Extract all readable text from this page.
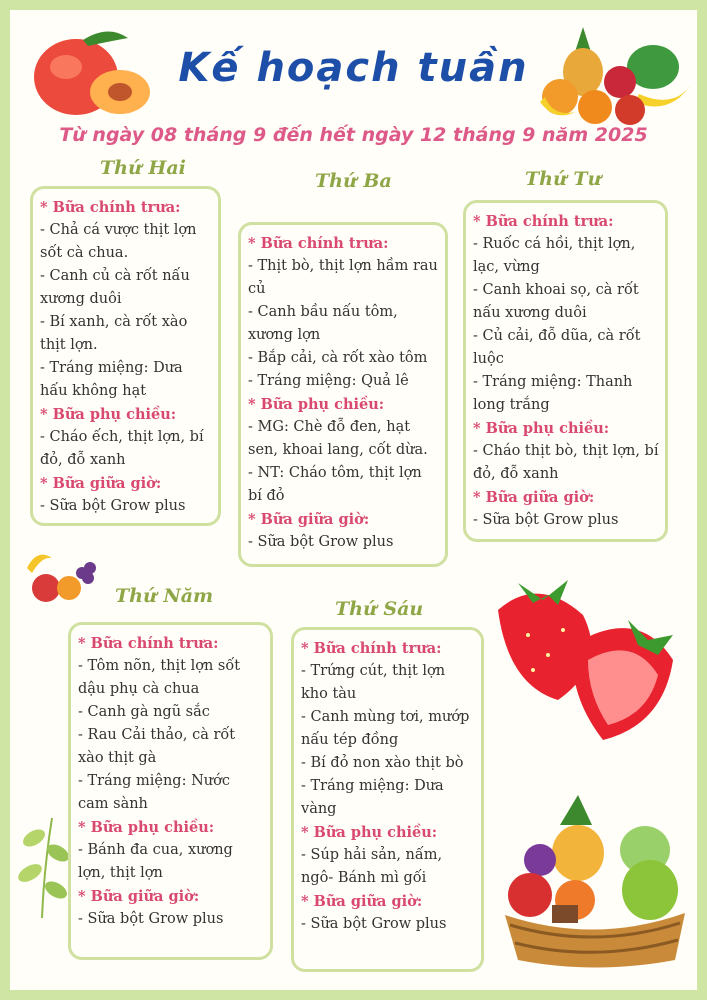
Kế hoạch tuần
Từ ngày 08 tháng 9 đến hết ngày 12 tháng 9 năm 2025
Thứ Hai
Thứ Ba	Thứ Tư
Thứ Năm
Thứ Sáu

* Bữa chính trưa:

- Chả cá vược thịt lợn sốt cà chua.

- Canh củ cà rốt nấu xương duôi

- Bí xanh, cà rốt xào thịt lợn.

- Tráng miệng: Dưa hấu không hạt

* Bữa phụ chiều:

- Cháo ếch, thịt lợn, bí đỏ, đỗ xanh

* Bữa giữa giờ:

- Sữa bột Grow plus

* Bữa chính trưa:

- Thịt bò, thịt lợn hầm rau củ

- Canh bầu nấu tôm, xương lợn

- Bắp cải, cà rốt xào tôm

- Tráng miệng: Quả lê

* Bữa phụ chiều:

- MG: Chè đỗ đen, hạt sen, khoai lang, cốt dừa.

- NT: Cháo tôm, thịt lợn bí đỏ

* Bữa giữa giờ:

- Sữa bột Grow plus

* Bữa chính trưa:

- Ruốc cá hồi, thịt lợn, lạc, vừng

- Canh khoai sọ, cà rốt nấu xương duôi

- Củ cải, đỗ dũa, cà rốt luộc

- Tráng miệng: Thanh long trắng

* Bữa phụ chiều:

- Cháo thịt bò, thịt lợn, bí đỏ, đỗ xanh

* Bữa giữa giờ:

- Sữa bột Grow plus

* Bữa chính trưa:

- Tôm nõn, thịt lợn sốt dậu phụ cà chua

- Canh gà ngũ sắc

- Rau Cải thảo, cà rốt xào thịt gà

- Tráng miệng: Nước cam sành

* Bữa phụ chiều:

- Bánh đa cua, xương lợn, thịt lợn

* Bữa giữa giờ:

- Sữa bột Grow plus

* Bữa chính trưa:

- Trứng cút, thịt lợn kho tàu

- Canh mùng tơi, mướp nấu tép đồng

- Bí đỏ non xào thịt bò

- Tráng miệng: Dưa vàng

* Bữa phụ chiều:

- Súp hải sản, nấm, ngô- Bánh mì gối

* Bữa giữa giờ:

- Sữa bột Grow plus
